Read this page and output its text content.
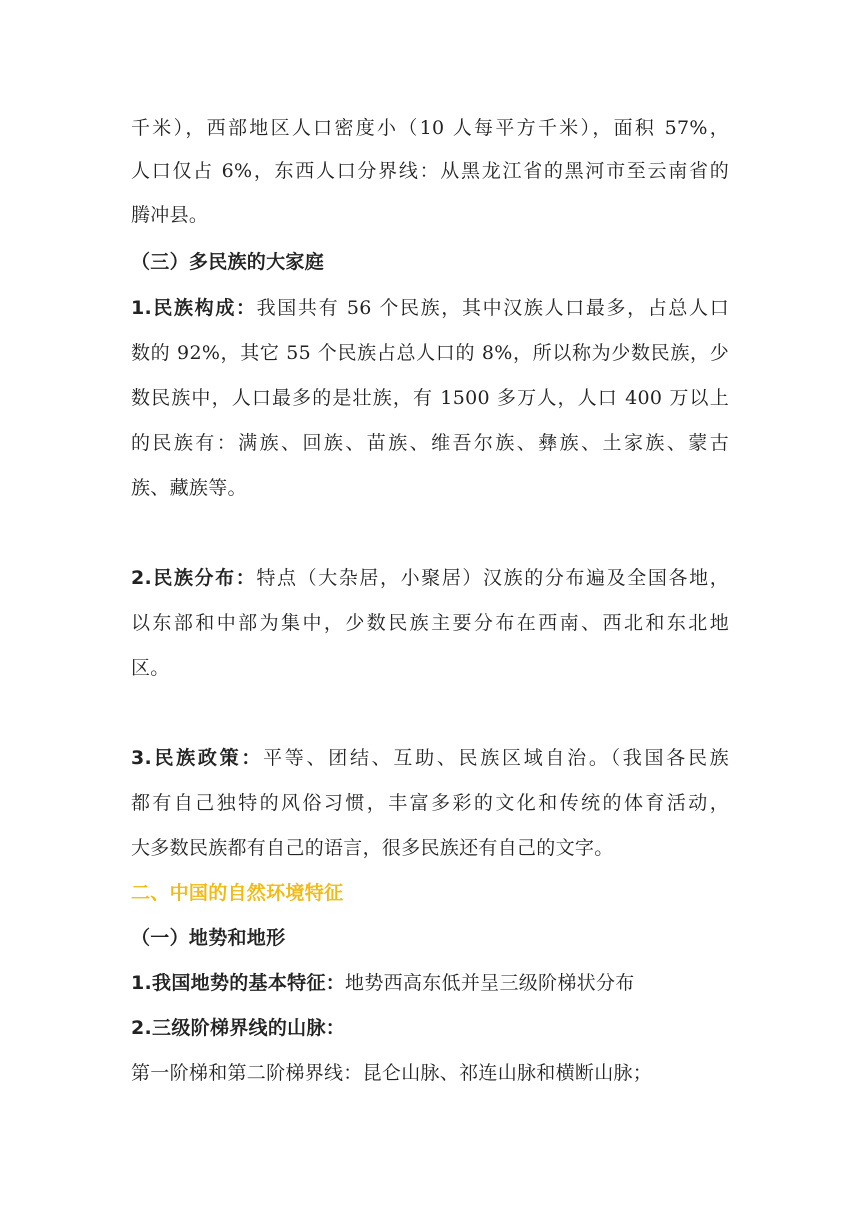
千米），西部地区人口密度小（10 人每平方千米），面积 57%，
人口仅占 6%，东西人口分界线：从黑龙江省的黑河市至云南省的
腾冲县。
（三）多民族的大家庭
1.民族构成：我国共有 56 个民族，其中汉族人口最多，占总人口
数的 92%，其它 55 个民族占总人口的 8%，所以称为少数民族，少
数民族中，人口最多的是壮族，有 1500 多万人，人口 400 万以上
的民族有：满族、回族、苗族、维吾尔族、彝族、土家族、蒙古
族、藏族等。
2.民族分布：特点（大杂居，小聚居）汉族的分布遍及全国各地，
以东部和中部为集中，少数民族主要分布在西南、西北和东北地
区。
3.民族政策：平等、团结、互助、民族区域自治。（我国各民族
都有自己独特的风俗习惯，丰富多彩的文化和传统的体育活动，
大多数民族都有自己的语言，很多民族还有自己的文字。
二、中国的自然环境特征
（一）地势和地形
1.我国地势的基本特征：地势西高东低并呈三级阶梯状分布
2.三级阶梯界线的山脉：
第一阶梯和第二阶梯界线：昆仑山脉、祁连山脉和横断山脉；
